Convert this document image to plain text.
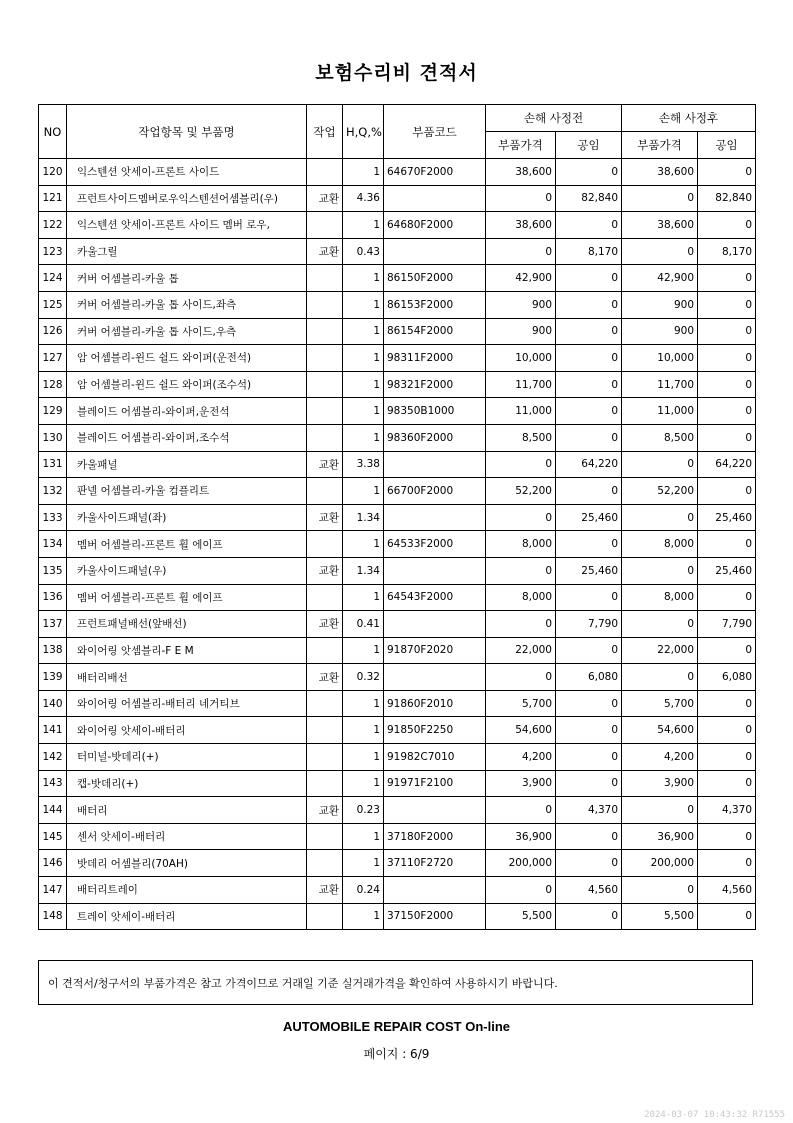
보험수리비 견적서
NO	작업항목 및 부품명	작업	H,Q,%	부품코드	손해 사정전		손해 사정후	
					부품가격	공임	부품가격	공임
120	익스텐션 앗세이-프론트 사이드		1	64670F2000	38,600	0	38,600	0
121	프런트사이드멤버로우익스텐션어셈블리(우)	교환	4.36		0	82,840	0	82,840
122	익스텐션 앗세이-프론트 사이드 멤버 로우,		1	64680F2000	38,600	0	38,600	0
123	카울그릴	교환	0.43		0	8,170	0	8,170
124	커버 어셈블리-카울 톱		1	86150F2000	42,900	0	42,900	0
125	커버 어셈블리-카울 톱 사이드,좌측		1	86153F2000	900	0	900	0
126	커버 어셈블리-카울 톱 사이드,우측		1	86154F2000	900	0	900	0
127	암 어셈블리-윈드 쉴드 와이퍼(운전석)		1	98311F2000	10,000	0	10,000	0
128	암 어셈블리-윈드 쉴드 와이퍼(조수석)		1	98321F2000	11,700	0	11,700	0
129	블레이드 어셈블리-와이퍼,운전석		1	98350B1000	11,000	0	11,000	0
130	블레이드 어셈블리-와이퍼,조수석		1	98360F2000	8,500	0	8,500	0
131	카울패널	교환	3.38		0	64,220	0	64,220
132	판넬 어셈블리-카울 컴플리트		1	66700F2000	52,200	0	52,200	0
133	카울사이드패널(좌)	교환	1.34		0	25,460	0	25,460
134	멤버 어셈블리-프론트 휠 에이프		1	64533F2000	8,000	0	8,000	0
135	카울사이드패널(우)	교환	1.34		0	25,460	0	25,460
136	멤버 어셈블리-프론트 휠 에이프		1	64543F2000	8,000	0	8,000	0
137	프런트패널배선(앞배선)	교환	0.41		0	7,790	0	7,790
138	와이어링 앗셈블리-F E M		1	91870F2020	22,000	0	22,000	0
139	배터리배선	교환	0.32		0	6,080	0	6,080
140	와이어링 어셈블리-배터리 네거티브		1	91860F2010	5,700	0	5,700	0
141	와이어링 앗세이-배터리		1	91850F2250	54,600	0	54,600	0
142	터미널-밧데리(+)		1	91982C7010	4,200	0	4,200	0
143	캡-밧데리(+)		1	91971F2100	3,900	0	3,900	0
144	배터리	교환	0.23		0	4,370	0	4,370
145	센서 앗세이-배터리		1	37180F2000	36,900	0	36,900	0
146	밧데리 어셈블리(70AH)		1	37110F2720	200,000	0	200,000	0
147	배터리트레이	교환	0.24		0	4,560	0	4,560
148	트레이 앗세이-배터리		1	37150F2000	5,500	0	5,500	0
이 견적서/청구서의 부품가격은 참고 가격이므로 거래일 기준 실거래가격을 확인하여 사용하시기 바랍니다.
AUTOMOBILE REPAIR COST On-line
페이지 : 6/9
2024-03-07 10:43:32 R71555
